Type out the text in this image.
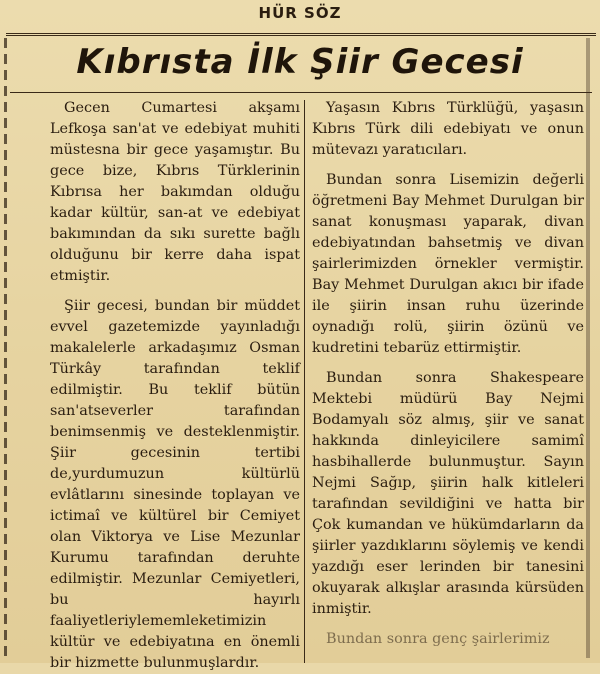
HÜR SÖZ
Kıbrısta İlk Şiir Gecesi

Gecen Cumartesi akşamı Lefkoşa san'at ve edebiyat muhiti müstesna bir gece yaşamıştır. Bu gece bize, Kıbrıs Türklerinin Kıbrısa her bakımdan olduğu kadar kültür, san-at ve edebiyat bakımından da sıkı surette bağlı olduğunu bir kerre daha ispat etmiştir.

Şiir gecesi, bundan bir müddet evvel gazetemizde yayınladığı makalelerle arkadaşımız Osman Türkây tarafından teklif edilmiştir. Bu teklif bütün san'atseverler tarafından benimsenmiş ve desteklenmiştir. Şiir gecesinin tertibi de,yurdumuzun kültürlü evlâtlarını sinesinde toplayan ve ictimaî ve kültürel bir Cemiyet olan Viktorya ve Lise Mezunlar Kurumu tarafından deruhte edilmiştir. Mezunlar Cemiyetleri, bu hayırlı faaliyetleriylememleketimizin kültür ve edebiyatına en önemli bir hizmette bulunmuşlardır.

Yaşasın Kıbrıs Türklüğü, yaşasın Kıbrıs Türk dili edebiyatı ve onun mütevazı yaratıcıları.

Bundan sonra Lisemizin değerli öğretmeni Bay Mehmet Durulgan bir sanat konuşması yaparak, divan edebiyatından bahsetmiş ve divan şairlerimizden örnekler vermiştir. Bay Mehmet Durulgan akıcı bir ifade ile şiirin insan ruhu üzerinde oynadığı rolü, şiirin özünü ve kudretini tebarüz ettirmiştir.

Bundan sonra Shakespeare Mektebi müdürü Bay Nejmi Bodamyalı söz almış, şiir ve sanat hakkında dinleyicilere samimî hasbihallerde bulunmuştur. Sayın Nejmi Sağıp, şiirin halk kitleleri tarafından sevildiğini ve hatta bir Çok kumandan ve hükümdarların da şiirler yazdıklarını söylemiş ve kendi yazdığı eser lerinden bir tanesini okuyarak alkışlar arasında kürsüden inmiştir.

Bundan sonra genç şairlerimiz
